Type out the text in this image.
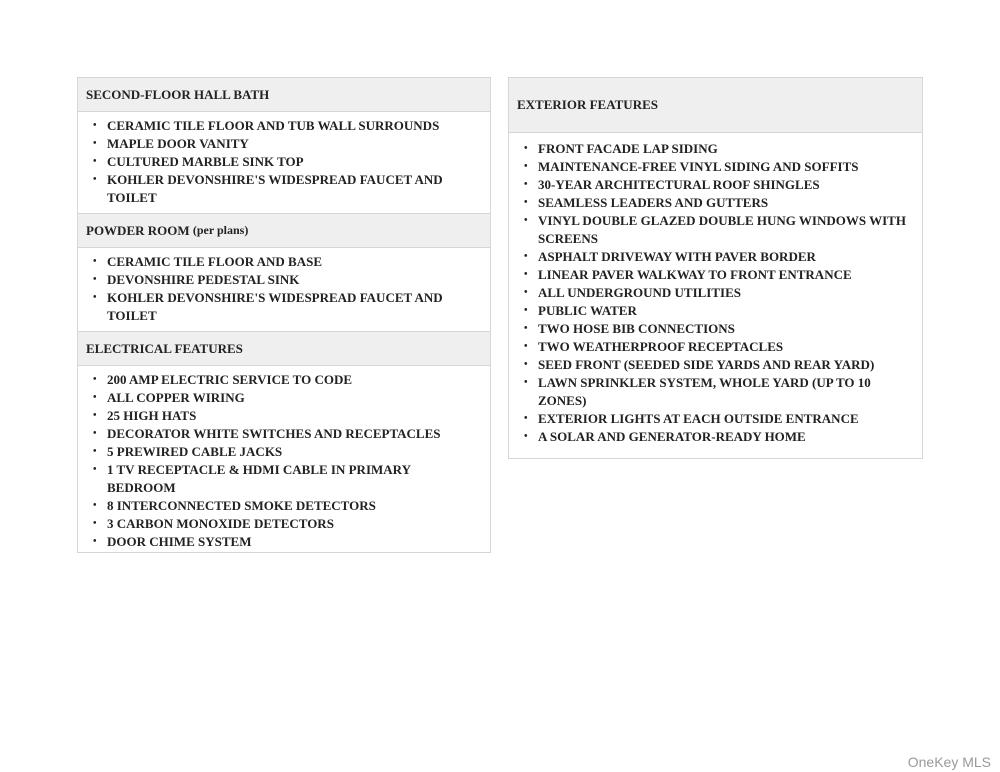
SECOND-FLOOR HALL BATH
• CERAMIC TILE FLOOR AND TUB WALL SURROUNDS
• MAPLE DOOR VANITY
• CULTURED MARBLE SINK TOP
• KOHLER DEVONSHIRE'S WIDESPREAD FAUCET AND TOILET
POWDER ROOM
(per plans)
• CERAMIC TILE FLOOR AND BASE
• DEVONSHIRE PEDESTAL SINK
• KOHLER DEVONSHIRE'S WIDESPREAD FAUCET AND TOILET
ELECTRICAL FEATURES
• 200 AMP ELECTRIC SERVICE TO CODE
• ALL COPPER WIRING
• 25 HIGH HATS
• DECORATOR WHITE SWITCHES AND RECEPTACLES
• 5 PREWIRED CABLE JACKS
• 1 TV RECEPTACLE & HDMI CABLE IN PRIMARY BEDROOM
• 8 INTERCONNECTED SMOKE DETECTORS
• 3 CARBON MONOXIDE DETECTORS
• DOOR CHIME SYSTEM
EXTERIOR FEATURES
• FRONT FACADE LAP SIDING
• MAINTENANCE-FREE VINYL SIDING AND SOFFITS
• 30-YEAR ARCHITECTURAL ROOF SHINGLES
• SEAMLESS LEADERS AND GUTTERS
• VINYL DOUBLE GLAZED DOUBLE HUNG WINDOWS WITH SCREENS
• ASPHALT DRIVEWAY WITH PAVER BORDER
• LINEAR PAVER WALKWAY TO FRONT ENTRANCE
• ALL UNDERGROUND UTILITIES
• PUBLIC WATER
• TWO HOSE BIB CONNECTIONS
• TWO WEATHERPROOF RECEPTACLES
• SEED FRONT (SEEDED SIDE YARDS AND REAR YARD)
• LAWN SPRINKLER SYSTEM, WHOLE YARD (UP TO 10 ZONES)
• EXTERIOR LIGHTS AT EACH OUTSIDE ENTRANCE
• A SOLAR AND GENERATOR-READY HOME
OneKey MLS
